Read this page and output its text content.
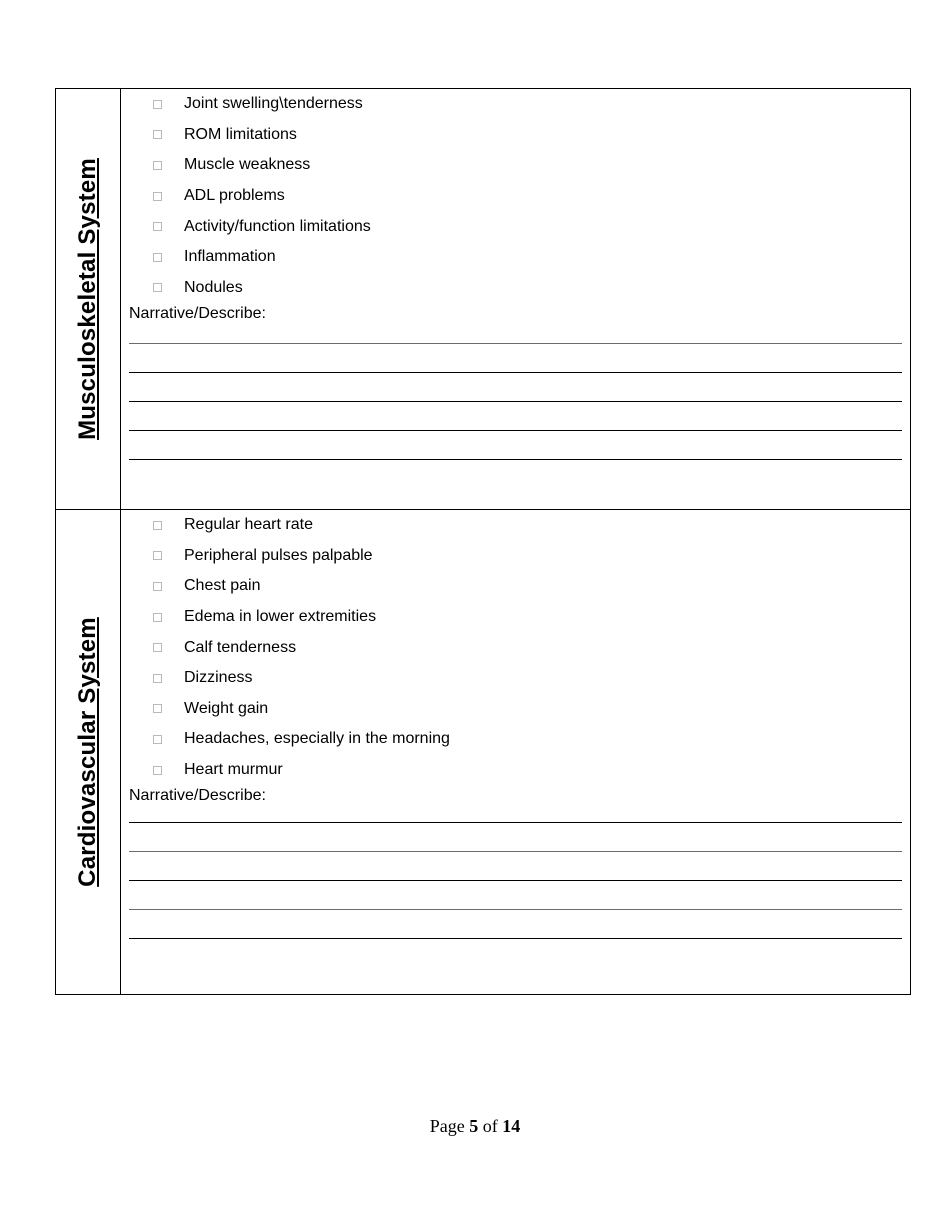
Musculoskeletal System
Joint swelling\tenderness
ROM limitations
Muscle weakness
ADL problems
Activity/function limitations
Inflammation
Nodules
Narrative/Describe:
Cardiovascular System
Regular heart rate
Peripheral pulses palpable
Chest pain
Edema in lower extremities
Calf tenderness
Dizziness
Weight gain
Headaches, especially in the morning
Heart murmur
Narrative/Describe:
Page 5 of 14
